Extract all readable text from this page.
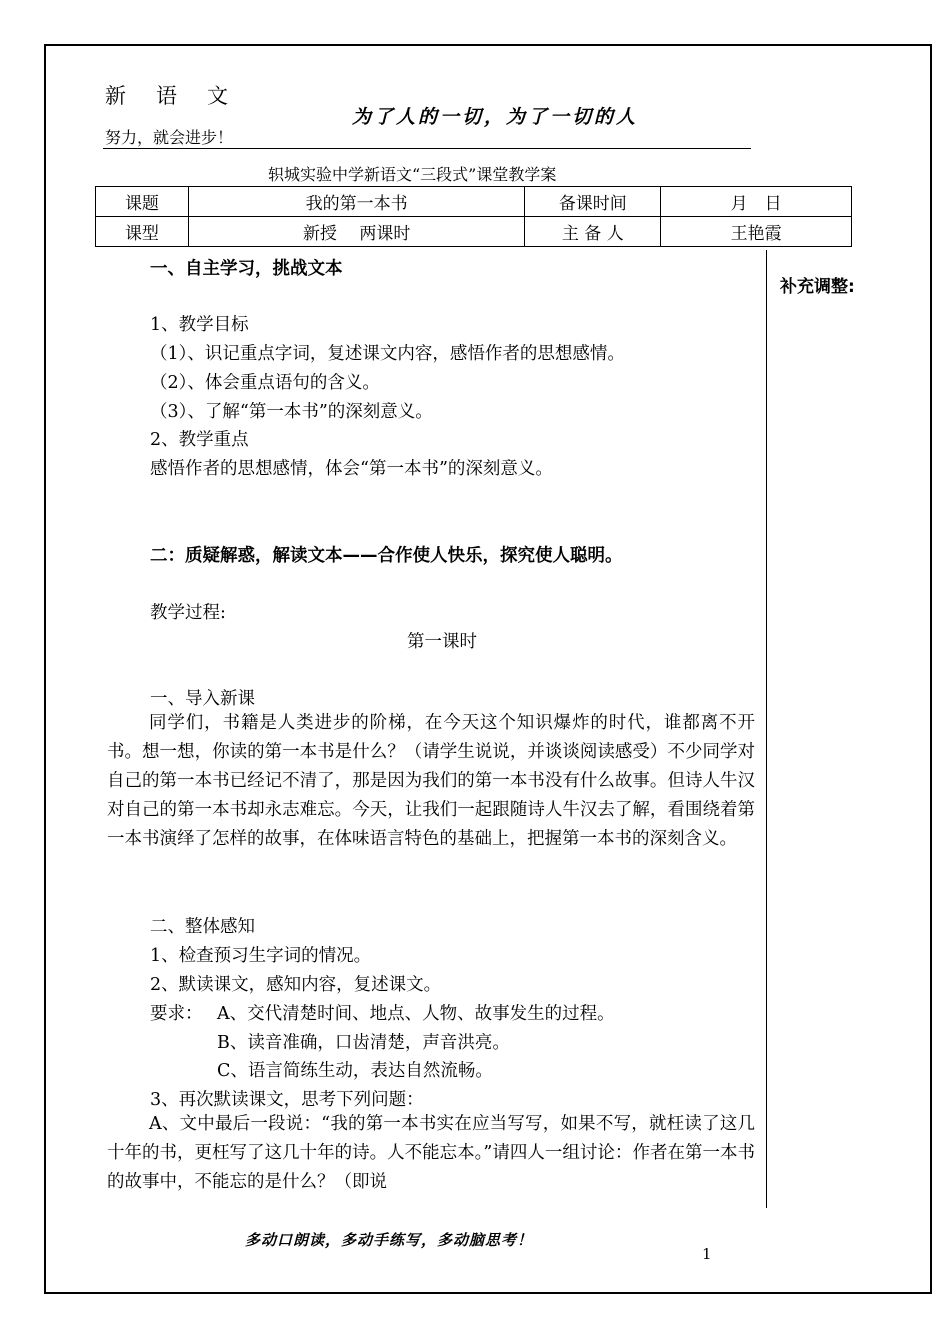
新语文
为了人的一切，为了一切的人
努力，就会进步！
轵城实验中学新语文“三段式”课堂教学案
课题	我的第一本书	备课时间	月　日
课型	新授　 两课时	主 备 人	王艳霞
补充调整:
一、自主学习，挑战文本
1、教学目标
（1）、识记重点字词，复述课文内容，感悟作者的思想感情。
（2）、体会重点语句的含义。
（3）、了解“第一本书”的深刻意义。
2、教学重点
感悟作者的思想感情，体会“第一本书”的深刻意义。
二：质疑解惑，解读文本——合作使人快乐，探究使人聪明。
教学过程:
第一课时
一、导入新课
同学们，书籍是人类进步的阶梯，在今天这个知识爆炸的时代，谁都离不开书。想一想，你读的第一本书是什么？（请学生说说，并谈谈阅读感受）不少同学对自己的第一本书已经记不清了，那是因为我们的第一本书没有什么故事。但诗人牛汉对自己的第一本书却永志难忘。今天，让我们一起跟随诗人牛汉去了解，看围绕着第一本书演绎了怎样的故事，在体味语言特色的基础上，把握第一本书的深刻含义。
二、整体感知
1、检查预习生字词的情况。
2、默读课文，感知内容，复述课文。
要求： A、交代清楚时间、地点、人物、故事发生的过程。
B、读音准确，口齿清楚，声音洪亮。
C、语言简练生动，表达自然流畅。
3、再次默读课文，思考下列问题：
A、文中最后一段说：“我的第一本书实在应当写写，如果不写，就枉读了这几十年的书，更枉写了这几十年的诗。人不能忘本。”请四人一组讨论：作者在第一本书的故事中，不能忘的是什么？（即说
多动口朗读，多动手练写，多动脑思考！
1
